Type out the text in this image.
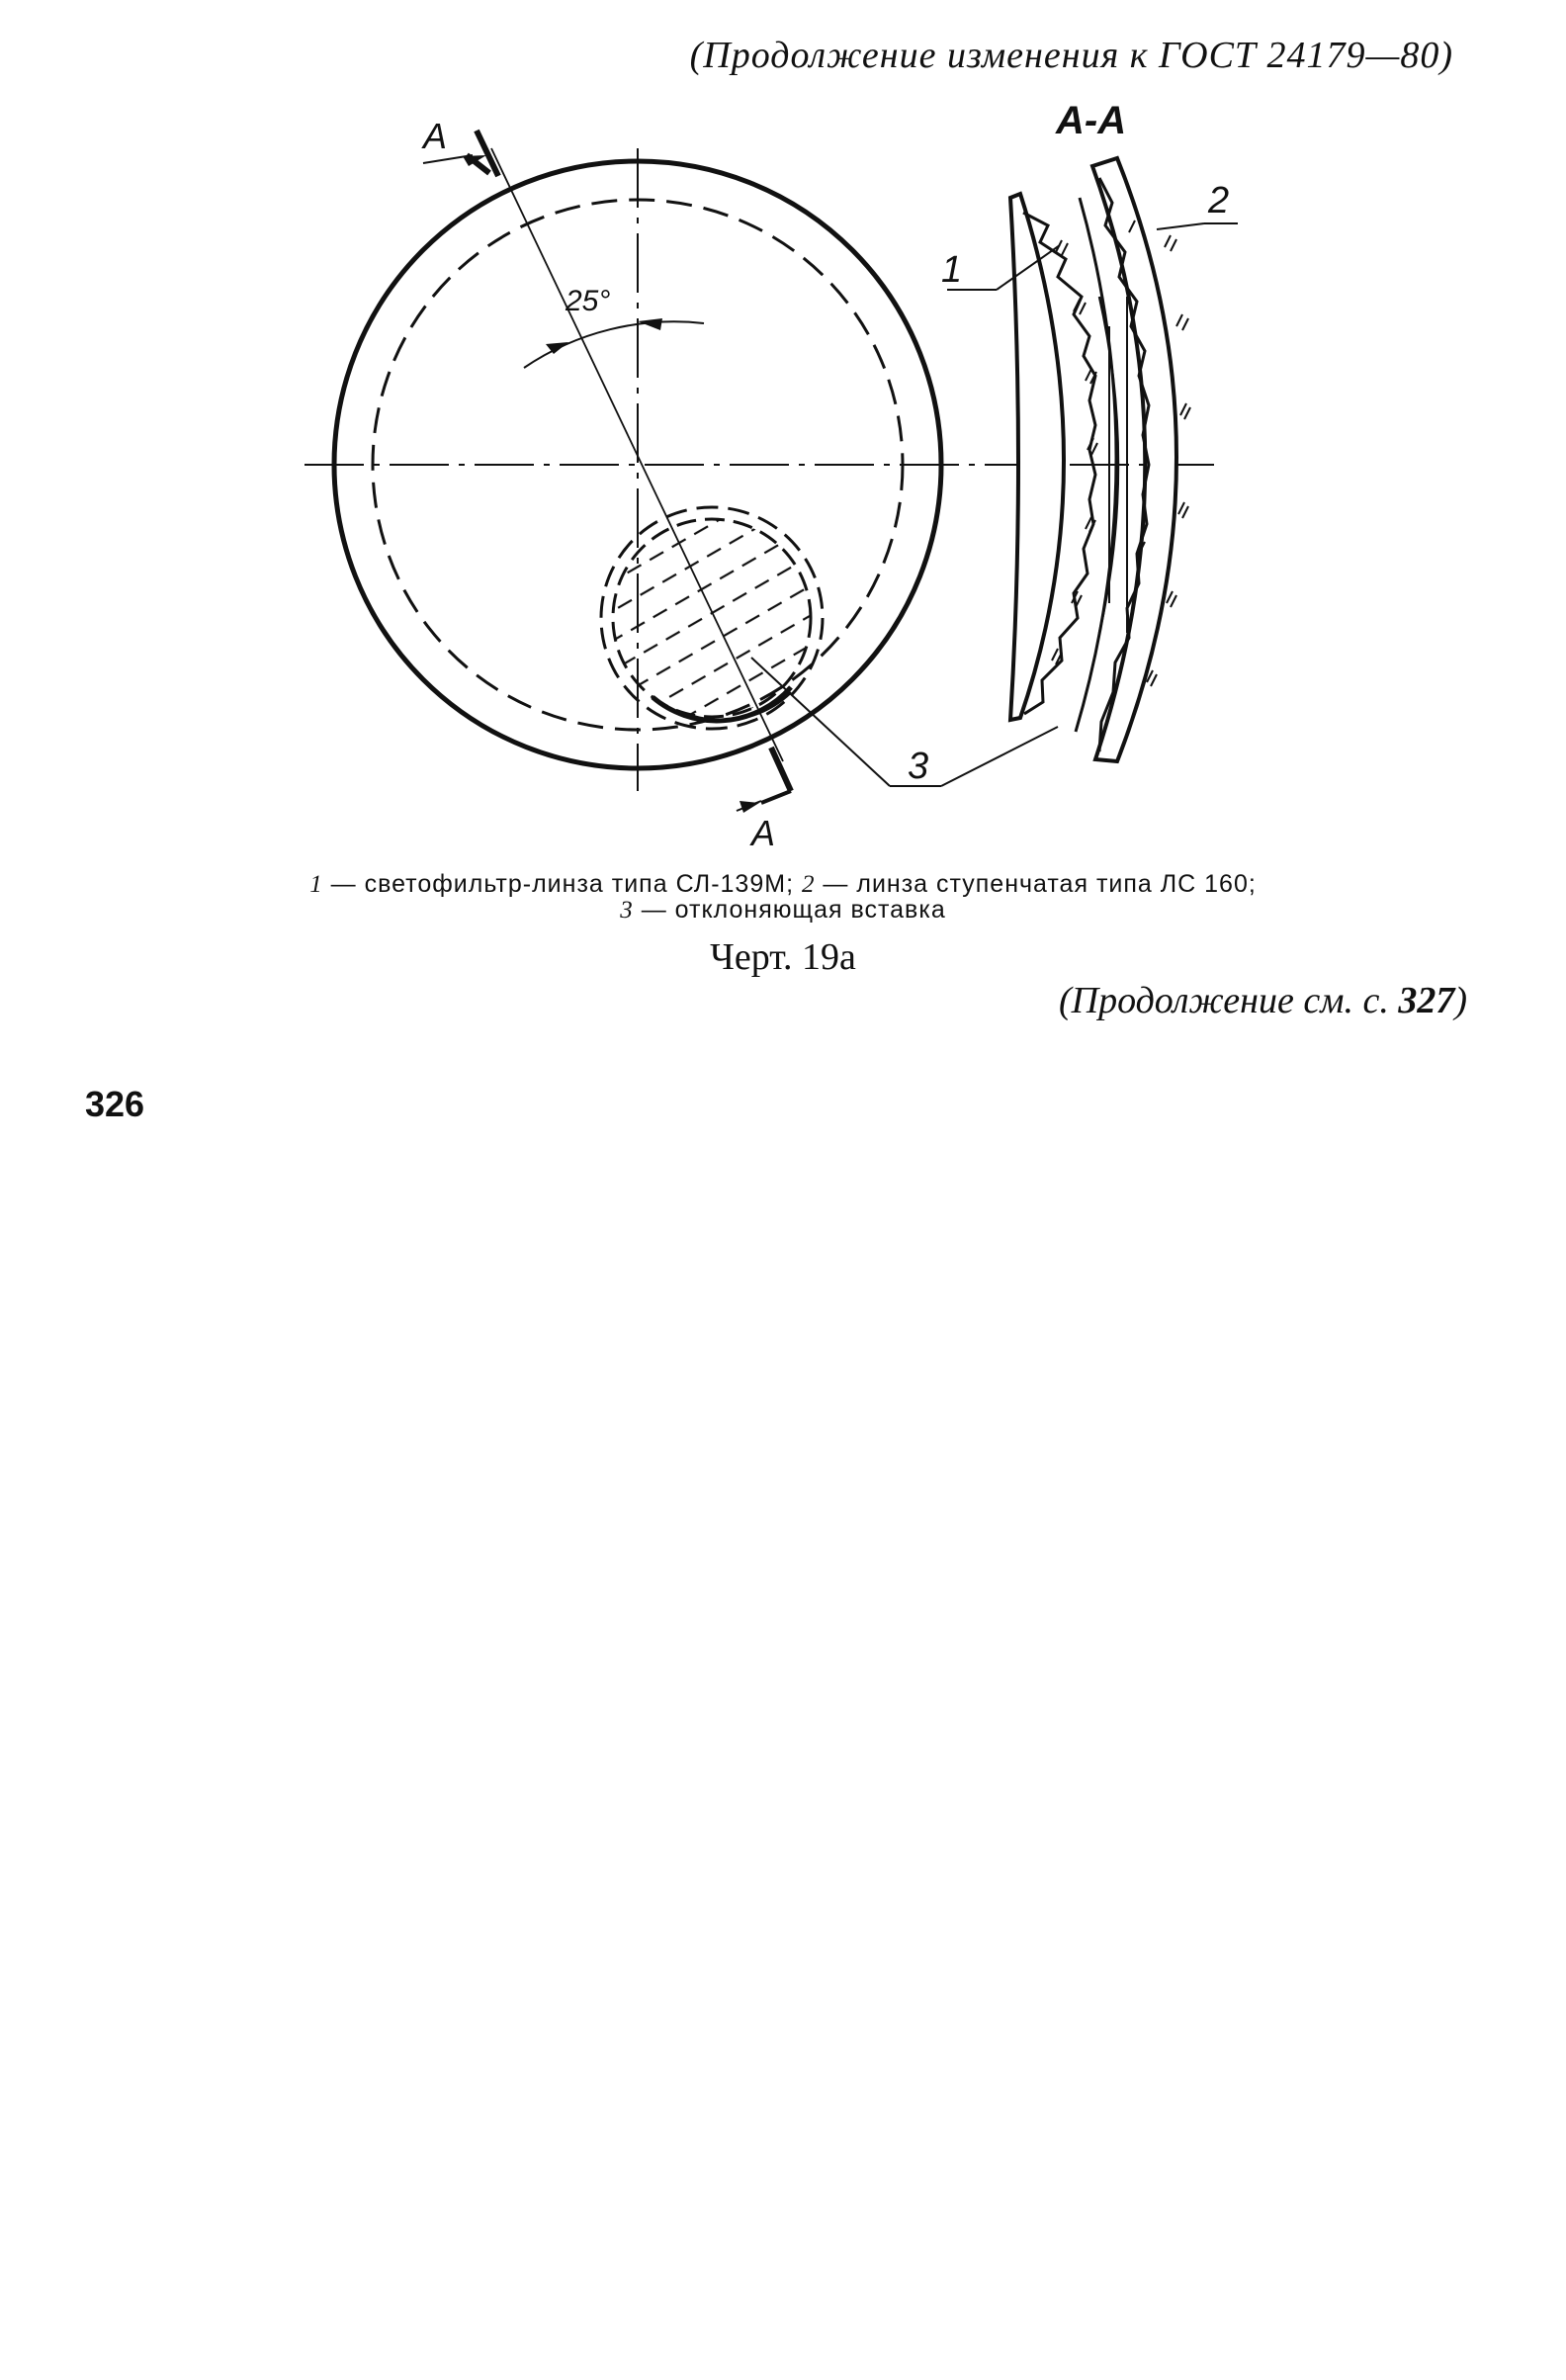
(Продолжение изменения к ГОСТ 24179—80)
А
25°
А
А
А-А
1
2
3
1 — светофильтр-линза типа СЛ-139М; 2 — линза ступенчатая типа ЛС 160;
3 — отклоняющая вставка
Черт. 19а
(Продолжение см. с. 327)
326
